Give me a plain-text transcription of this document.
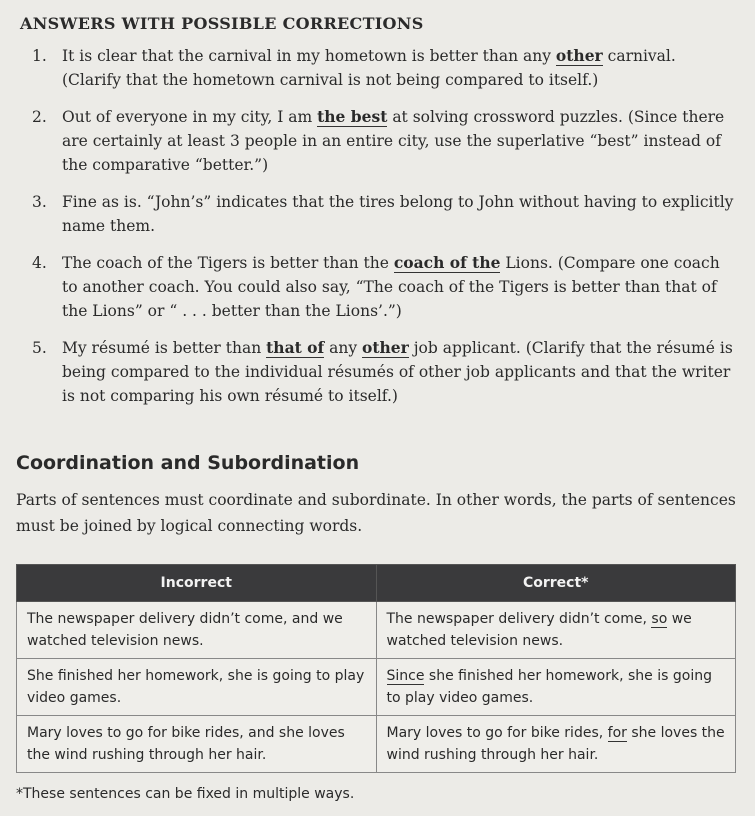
ANSWERS WITH POSSIBLE CORRECTIONS
1. It is clear that the carnival in my hometown is better than any other carnival. (Clarify that the hometown carnival is not being compared to itself.)
2. Out of everyone in my city, I am the best at solving crossword puzzles. (Since there are certainly at least 3 people in an entire city, use the superlative “best” instead of the comparative “better.”)
3. Fine as is. “John’s” indicates that the tires belong to John without having to explicitly name them.
4. The coach of the Tigers is better than the coach of the Lions. (Compare one coach to another coach. You could also say, “The coach of the Tigers is better than that of the Lions” or “ . . . better than the Lions’.”)
5. My résumé is better than that of any other job applicant. (Clarify that the résumé is being compared to the individual résumés of other job applicants and that the writer is not comparing his own résumé to itself.)
Coordination and Subordination
Parts of sentences must coordinate and subordinate. In other words, the parts of sentences must be joined by logical connecting words.
Incorrect	Correct*
The newspaper delivery didn’t come, and we watched television news.	The newspaper delivery didn’t come, so we watched television news.
She finished her homework, she is going to play video games.	Since she finished her homework, she is going to play video games.
Mary loves to go for bike rides, and she loves the wind rushing through her hair.	Mary loves to go for bike rides, for she loves the wind rushing through her hair.
*These sentences can be fixed in multiple ways.
